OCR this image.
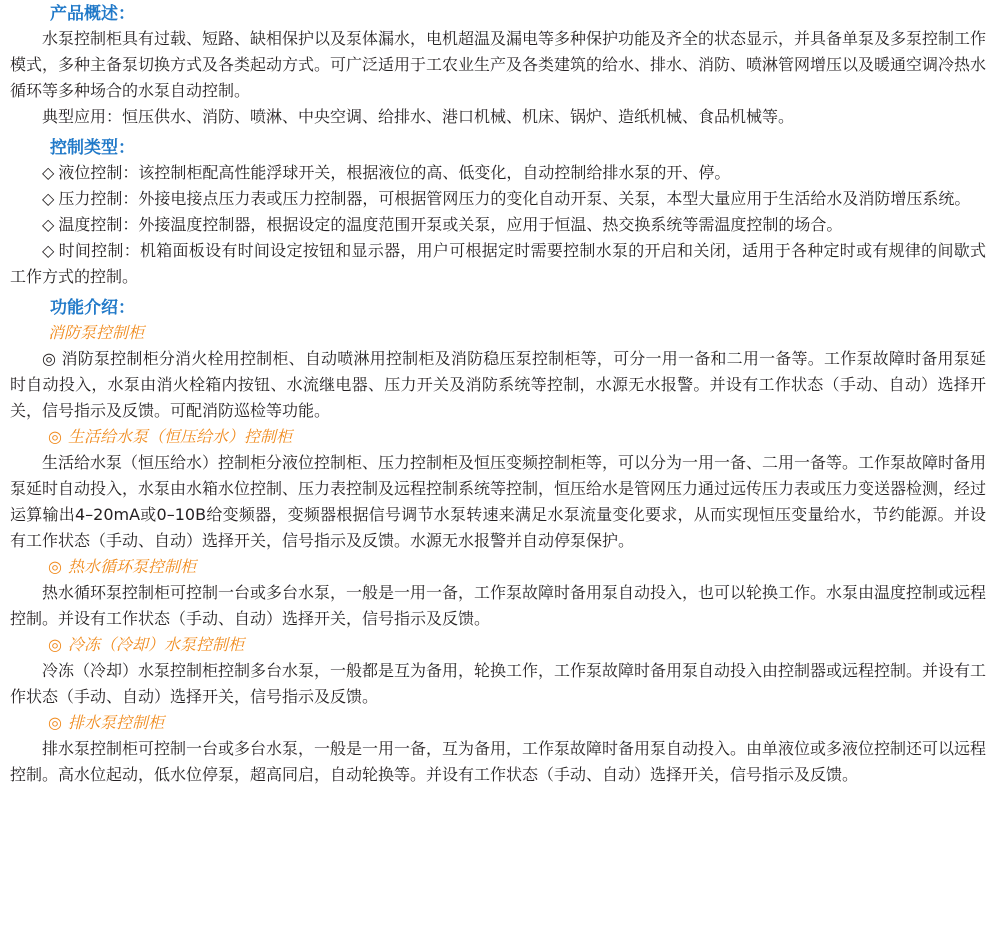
产品概述：

水泵控制柜具有过载、短路、缺相保护以及泵体漏水，电机超温及漏电等多种保护功能及齐全的状态显示，并具备单泵及多泵控制工作模式，多种主备泵切换方式及各类起动方式。可广泛适用于工农业生产及各类建筑的给水、排水、消防、喷淋管网增压以及暖通空调冷热水循环等多种场合的水泵自动控制。

典型应用：恒压供水、消防、喷淋、中央空调、给排水、港口机械、机床、锅炉、造纸机械、食品机械等。

控制类型：

◇ 液位控制：该控制柜配高性能浮球开关，根据液位的高、低变化，自动控制给排水泵的开、停。

◇ 压力控制：外接电接点压力表或压力控制器，可根据管网压力的变化自动开泵、关泵，本型大量应用于生活给水及消防增压系统。

◇ 温度控制：外接温度控制器，根据设定的温度范围开泵或关泵，应用于恒温、热交换系统等需温度控制的场合。

◇ 时间控制：机箱面板设有时间设定按钮和显示器，用户可根据定时需要控制水泵的开启和关闭，适用于各种定时或有规律的间歇式工作方式的控制。

功能介绍：

消防泵控制柜

◎ 消防泵控制柜分消火栓用控制柜、自动喷淋用控制柜及消防稳压泵控制柜等，可分一用一备和二用一备等。工作泵故障时备用泵延时自动投入，水泵由消火栓箱内按钮、水流继电器、压力开关及消防系统等控制，水源无水报警。并设有工作状态（手动、自动）选择开关，信号指示及反馈。可配消防巡检等功能。

◎ 生活给水泵（恒压给水）控制柜

生活给水泵（恒压给水）控制柜分液位控制柜、压力控制柜及恒压变频控制柜等，可以分为一用一备、二用一备等。工作泵故障时备用泵延时自动投入，水泵由水箱水位控制、压力表控制及远程控制系统等控制，恒压给水是管网压力通过远传压力表或压力变送器检测，经过运算输出4–20mA或0–10B给变频器，变频器根据信号调节水泵转速来满足水泵流量变化要求，从而实现恒压变量给水，节约能源。并设有工作状态（手动、自动）选择开关，信号指示及反馈。水源无水报警并自动停泵保护。

◎ 热水循环泵控制柜

热水循环泵控制柜可控制一台或多台水泵，一般是一用一备，工作泵故障时备用泵自动投入，也可以轮换工作。水泵由温度控制或远程控制。并设有工作状态（手动、自动）选择开关，信号指示及反馈。

◎ 冷冻（冷却）水泵控制柜

冷冻（冷却）水泵控制柜控制多台水泵，一般都是互为备用，轮换工作，工作泵故障时备用泵自动投入由控制器或远程控制。并设有工作状态（手动、自动）选择开关，信号指示及反馈。

◎ 排水泵控制柜

排水泵控制柜可控制一台或多台水泵，一般是一用一备，互为备用，工作泵故障时备用泵自动投入。由单液位或多液位控制还可以远程控制。高水位起动，低水位停泵，超高同启，自动轮换等。并设有工作状态（手动、自动）选择开关，信号指示及反馈。
